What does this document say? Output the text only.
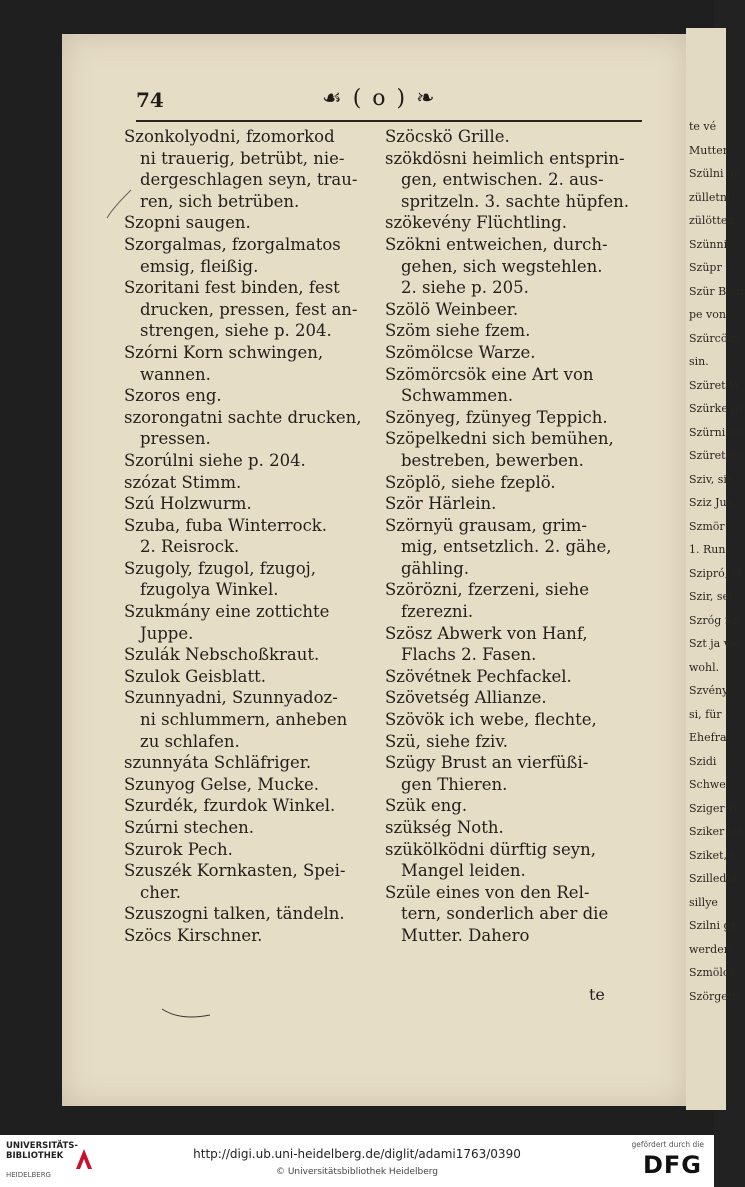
te vé
Mutter
Szülni ge
zülletni
zülötten
Szünni
Szüpr
Szür Baur
pe von
Szürcöln
sin.
Szüret W
Szürke gr
Szürni du
Szüretöln
Sziv, sie
Sziz Jun
Szmör
1. Run
Szipró, st
Szir, ser
Szróg Sz
Szt ja vie
wohl.
Szvény
si, für
Ehefra
Szidi
Schwe
Sziger W
Sziker sie
Sziket, s
Szilledni
sillye
Szilni gr
werden
Szmölcs
Szörgetn
74	☙ ( o ) ❧
Szonkolyodni, fzomorkod
ni trauerig, betrübt, nie-
dergeschlagen seyn, trau-
ren, sich betrüben.
Szopni saugen.
Szorgalmas, fzorgalmatos
emsig, fleißig.
Szoritani fest binden, fest
drucken, pressen, fest an-
strengen, siehe p. 204.
Szórni Korn schwingen,
wannen.
Szoros eng.
szorongatni sachte drucken,
pressen.
Szorúlni siehe p. 204.
szózat Stimm.
Szú Holzwurm.
Szuba, fuba Winterrock.
2. Reisrock.
Szugoly, fzugol, fzugoj,
fzugolya Winkel.
Szukmány eine zottichte
Juppe.
Szulák Nebschoßkraut.
Szulok Geisblatt.
Szunnyadni, Szunnyadoz-
ni schlummern, anheben
zu schlafen.
szunnyáta Schläfriger.
Szunyog Gelse, Mucke.
Szurdék, fzurdok Winkel.
Szúrni stechen.
Szurok Pech.
Szuszék Kornkasten, Spei-
cher.
Szuszogni talken, tändeln.
Szöcs Kirschner.
Szöcskö Grille.
szökdösni heimlich entsprin-
gen, entwischen. 2. aus-
spritzeln. 3. sachte hüpfen.
szökevény Flüchtling.
Szökni entweichen, durch-
gehen, sich wegstehlen.
2. siehe p. 205.
Szölö Weinbeer.
Szöm siehe fzem.
Szömölcse Warze.
Szömörcsök eine Art von
Schwammen.
Szönyeg, fzünyeg Teppich.
Szöpelkedni sich bemühen,
bestreben, bewerben.
Szöplö, siehe fzeplö.
Ször Härlein.
Szörnyü grausam, grim-
mig, entsetzlich. 2. gähe,
gähling.
Szörözni, fzerzeni, siehe
fzerezni.
Szösz Abwerk von Hanf,
Flachs 2. Fasen.
Szövétnek Pechfackel.
Szövetség Allianze.
Szövök ich webe, flechte,
Szü, siehe fziv.
Szügy Brust an vierfüßi-
gen Thieren.
Szük eng.
szükség Noth.
szükölködni dürftig seyn,
Mangel leiden.
Szüle eines von den Rel-
tern, sonderlich aber die
Mutter. Dahero
te
UNIVERSITÄTS-
BIBLIOTHEK
HEIDELBERG
http://digi.ub.uni-heidelberg.de/diglit/adami1763/0390
© Universitätsbibliothek Heidelberg
gefördert durch die
DFG
